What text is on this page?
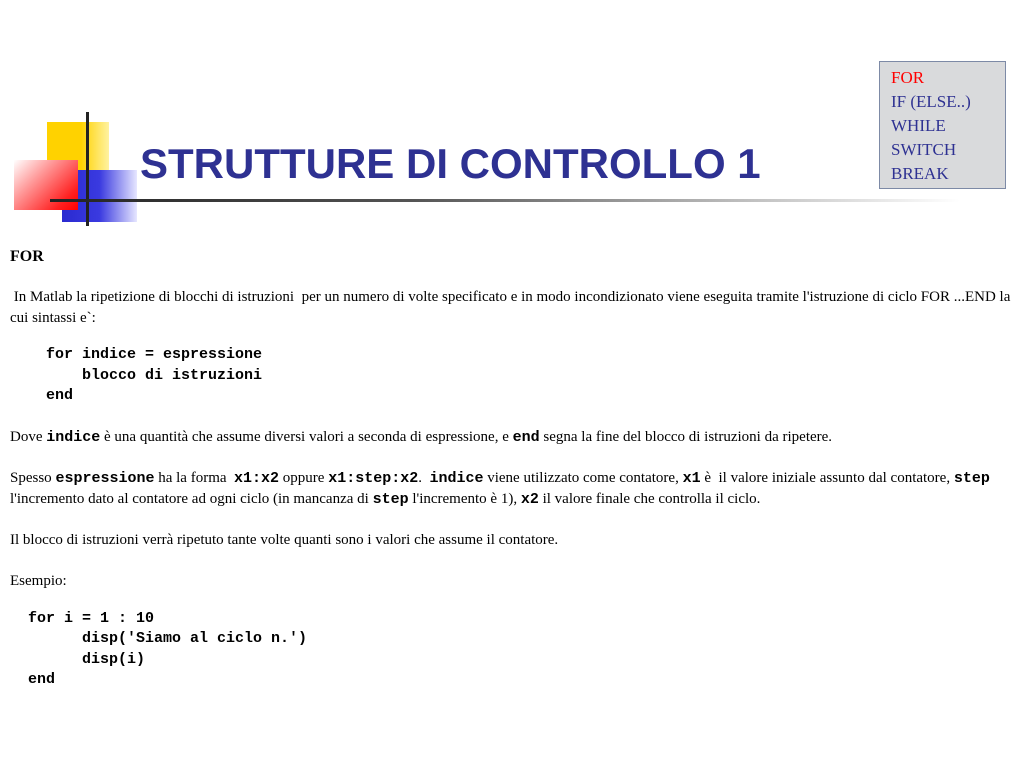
STRUTTURE DI CONTROLLO 1
FOR
IF (ELSE..)
WHILE
SWITCH
BREAK

FOR

In Matlab la ripetizione di blocchi di istruzioni  per un numero di volte specificato e in modo incondizionato viene eseguita tramite l'istruzione di ciclo FOR ...END la cui sintassi e`:

for indice = espressione
blocco di istruzioni
end

Dove indice è una quantità che assume diversi valori a seconda di espressione, e end segna la fine del blocco di istruzioni da ripetere.

Spesso espressione ha la forma  x1:x2 oppure x1:step:x2.  indice viene utilizzato come contatore, x1 è  il valore iniziale assunto dal contatore, step l'incremento dato al contatore ad ogni ciclo (in mancanza di step l'incremento è 1), x2 il valore finale che controlla il ciclo.

Il blocco di istruzioni verrà ripetuto tante volte quanti sono i valori che assume il contatore.

Esempio:

for i = 1 : 10
disp('Siamo al ciclo n.')
disp(i)
end
